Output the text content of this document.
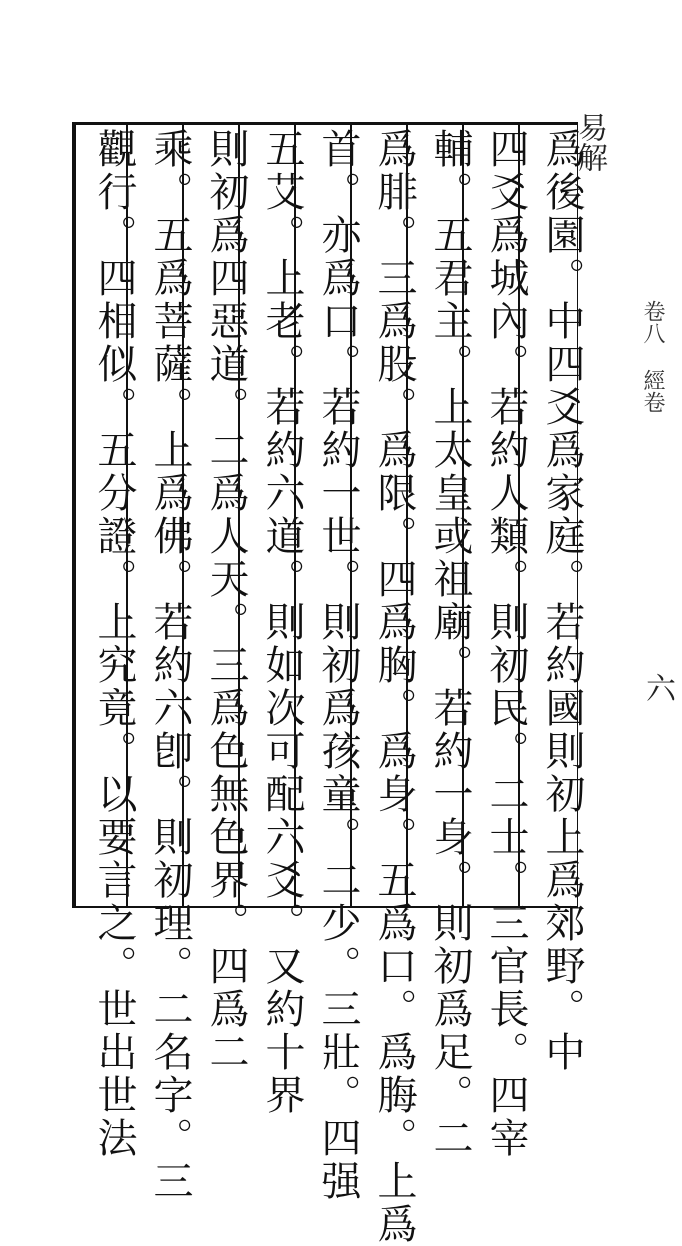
易解
卷八 經卷
六
爲後園。中四爻爲家庭。若約國則初上爲郊野。中
四爻爲城內。若約人類。則初民。二士。三官長。四宰
輔。五君主。上太皇或祖廟。若約一身。則初爲足。二
爲腓。三爲股。爲限。四爲胸。爲身。五爲口。爲脢。上爲
首。亦爲口。若約一世。則初爲孩童。二少。三壯。四强
五艾。上老。若約六道。則如次可配六爻。又約十界
則初爲四惡道。二爲人天。三爲色無色界。四爲二
乘。五爲菩薩。上爲佛。若約六卽。則初理。二名字。三
觀行。四相似。五分證。上究竟。以要言之。世出世法
